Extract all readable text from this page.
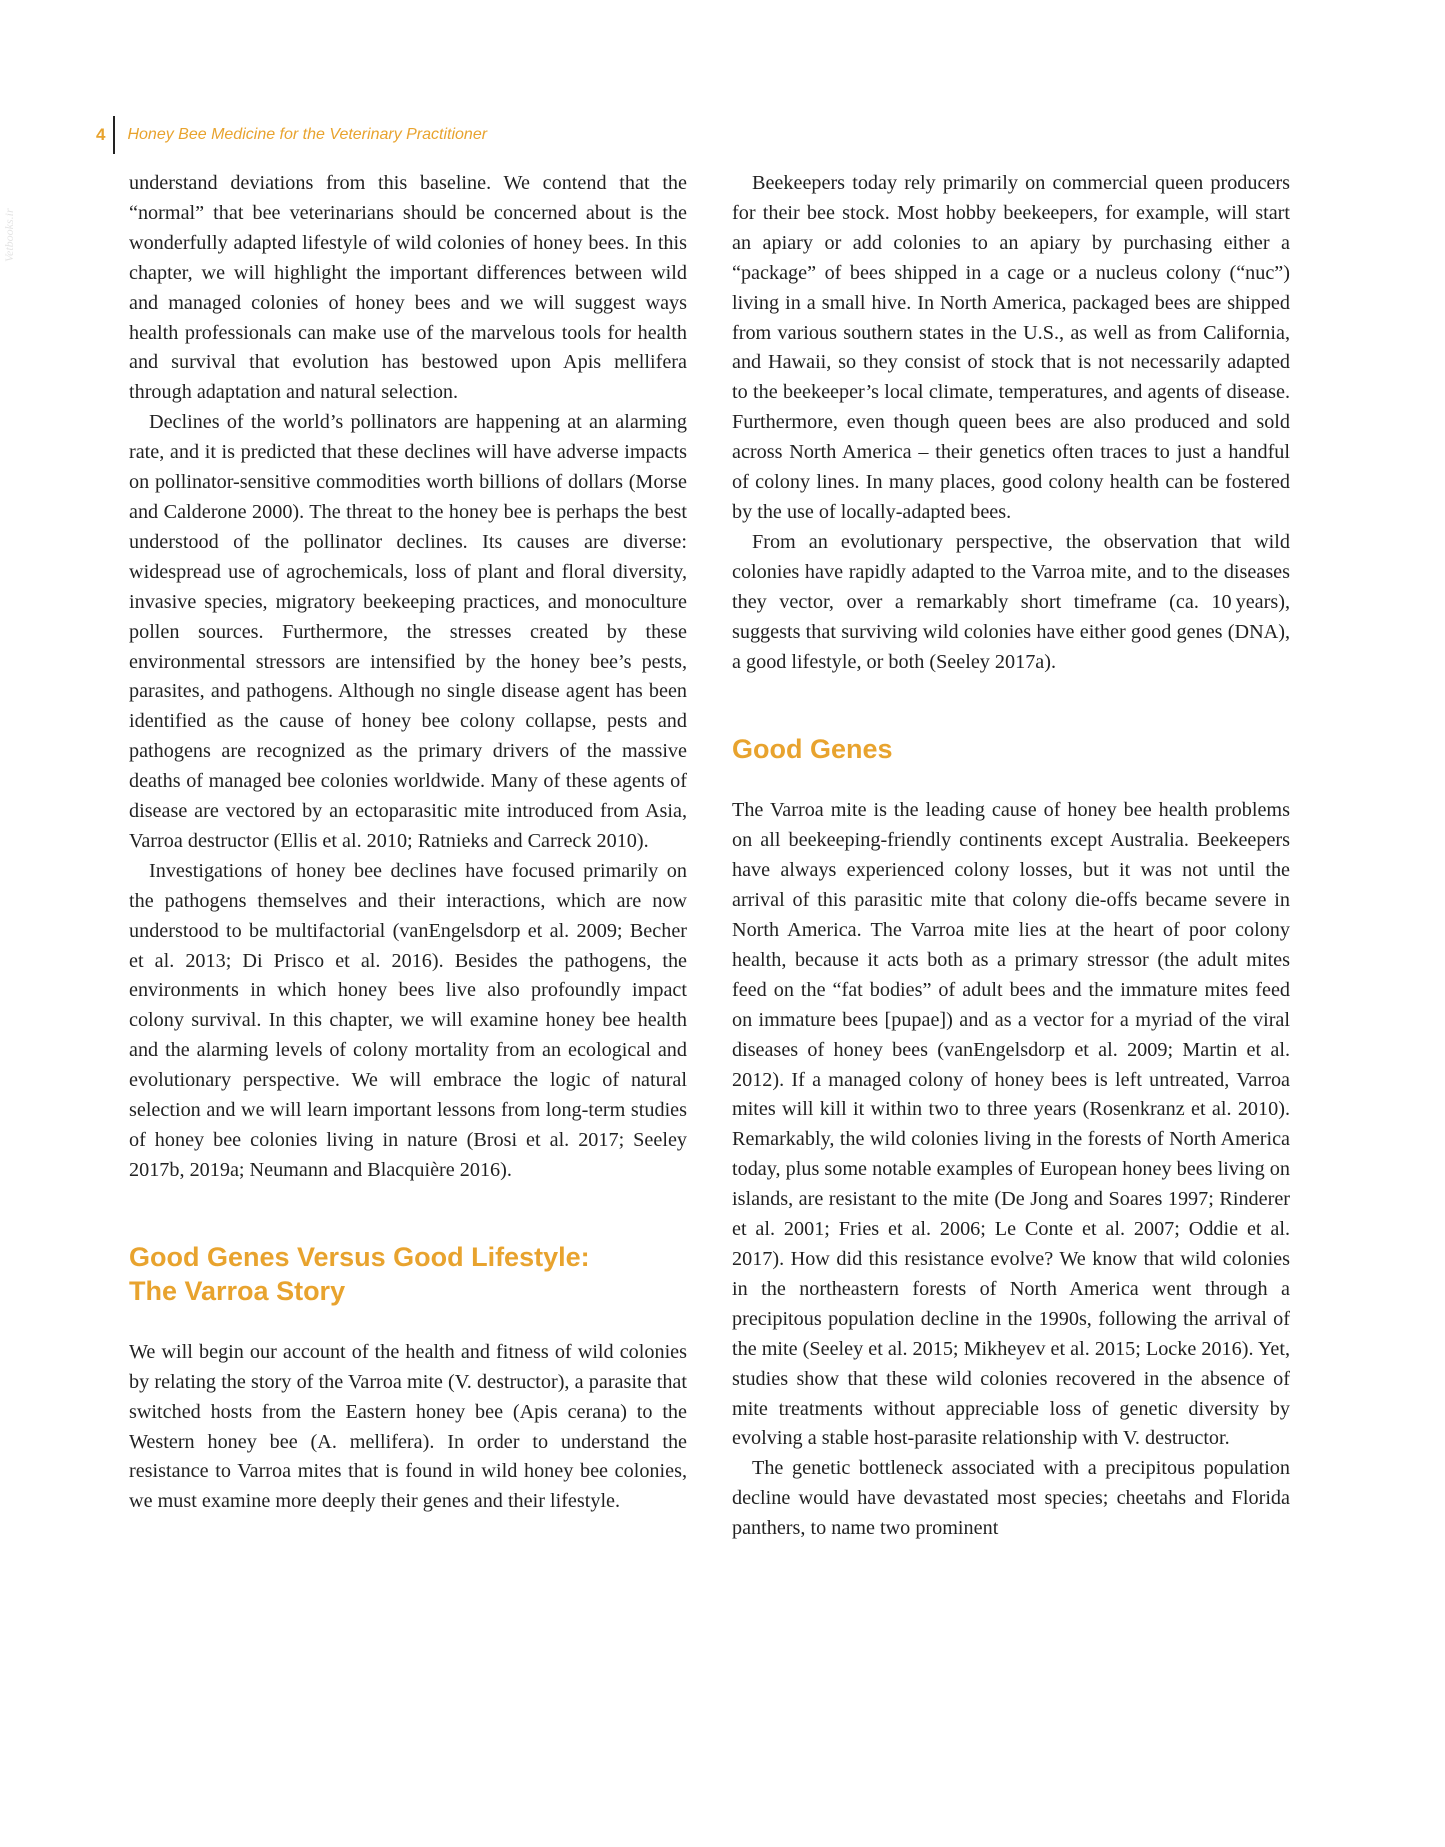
Vetbooks.ir
4 Honey Bee Medicine for the Veterinary Practitioner

understand deviations from this baseline. We contend that the “normal” that bee veterinarians should be concerned about is the wonderfully adapted lifestyle of wild colonies of honey bees. In this chapter, we will highlight the important differences between wild and managed colonies of honey bees and we will suggest ways health professionals can make use of the marvelous tools for health and survival that evolution has bestowed upon Apis mellifera through adaptation and natural selection.

Declines of the world’s pollinators are happening at an alarming rate, and it is predicted that these declines will have adverse impacts on pollinator-sensitive commodities worth billions of dollars (Morse and Calderone 2000). The threat to the honey bee is perhaps the best understood of the pollinator declines. Its causes are diverse: widespread use of agrochemicals, loss of plant and floral diversity, invasive species, migratory beekeeping practices, and monoculture pollen sources. Furthermore, the stresses created by these environmental stressors are intensified by the honey bee’s pests, parasites, and pathogens. Although no single disease agent has been identified as the cause of honey bee colony collapse, pests and pathogens are recognized as the primary drivers of the massive deaths of managed bee colonies worldwide. Many of these agents of disease are vectored by an ectoparasitic mite introduced from Asia, Varroa destructor (Ellis et al. 2010; Ratnieks and Carreck 2010).

Investigations of honey bee declines have focused primarily on the pathogens themselves and their interactions, which are now understood to be multifactorial (vanEngelsdorp et al. 2009; Becher et al. 2013; Di Prisco et al. 2016). Besides the pathogens, the environments in which honey bees live also profoundly impact colony survival. In this chapter, we will examine honey bee health and the alarming levels of colony mortality from an ecological and evolutionary perspective. We will embrace the logic of natural selection and we will learn important lessons from long-term studies of honey bee colonies living in nature (Brosi et al. 2017; Seeley 2017b, 2019a; Neumann and Blacquière 2016).

Good Genes Versus Good Lifestyle:
The Varroa Story

We will begin our account of the health and fitness of wild colonies by relating the story of the Varroa mite (V. destructor), a parasite that switched hosts from the Eastern honey bee (Apis cerana) to the Western honey bee (A. mellifera). In order to understand the resistance to Varroa mites that is found in wild honey bee colonies, we must examine more deeply their genes and their lifestyle.

Beekeepers today rely primarily on commercial queen producers for their bee stock. Most hobby beekeepers, for example, will start an apiary or add colonies to an apiary by purchasing either a “package” of bees shipped in a cage or a nucleus colony (“nuc”) living in a small hive. In North America, packaged bees are shipped from various southern states in the U.S., as well as from California, and Hawaii, so they consist of stock that is not necessarily adapted to the beekeeper’s local climate, temperatures, and agents of disease. Furthermore, even though queen bees are also produced and sold across North America – their genetics often traces to just a handful of colony lines. In many places, good colony health can be fostered by the use of locally-adapted bees.

From an evolutionary perspective, the observation that wild colonies have rapidly adapted to the Varroa mite, and to the diseases they vector, over a remarkably short timeframe (ca. 10 years), suggests that surviving wild colonies have either good genes (DNA), a good lifestyle, or both (Seeley 2017a).

Good Genes

The Varroa mite is the leading cause of honey bee health problems on all beekeeping-friendly continents except Australia. Beekeepers have always experienced colony losses, but it was not until the arrival of this parasitic mite that colony die-offs became severe in North America. The Varroa mite lies at the heart of poor colony health, because it acts both as a primary stressor (the adult mites feed on the “fat bodies” of adult bees and the immature mites feed on immature bees [pupae]) and as a vector for a myriad of the viral diseases of honey bees (vanEngelsdorp et al. 2009; Martin et al. 2012). If a managed colony of honey bees is left untreated, Varroa mites will kill it within two to three years (Rosenkranz et al. 2010). Remarkably, the wild colonies living in the forests of North America today, plus some notable examples of European honey bees living on islands, are resistant to the mite (De Jong and Soares 1997; Rinderer et al. 2001; Fries et al. 2006; Le Conte et al. 2007; Oddie et al. 2017). How did this resistance evolve? We know that wild colonies in the northeastern forests of North America went through a precipitous population decline in the 1990s, following the arrival of the mite (Seeley et al. 2015; Mikheyev et al. 2015; Locke 2016). Yet, studies show that these wild colonies recovered in the absence of mite treatments without appreciable loss of genetic diversity by evolving a stable host-parasite relationship with V. destructor.

The genetic bottleneck associated with a precipitous population decline would have devastated most species; cheetahs and Florida panthers, to name two prominent
